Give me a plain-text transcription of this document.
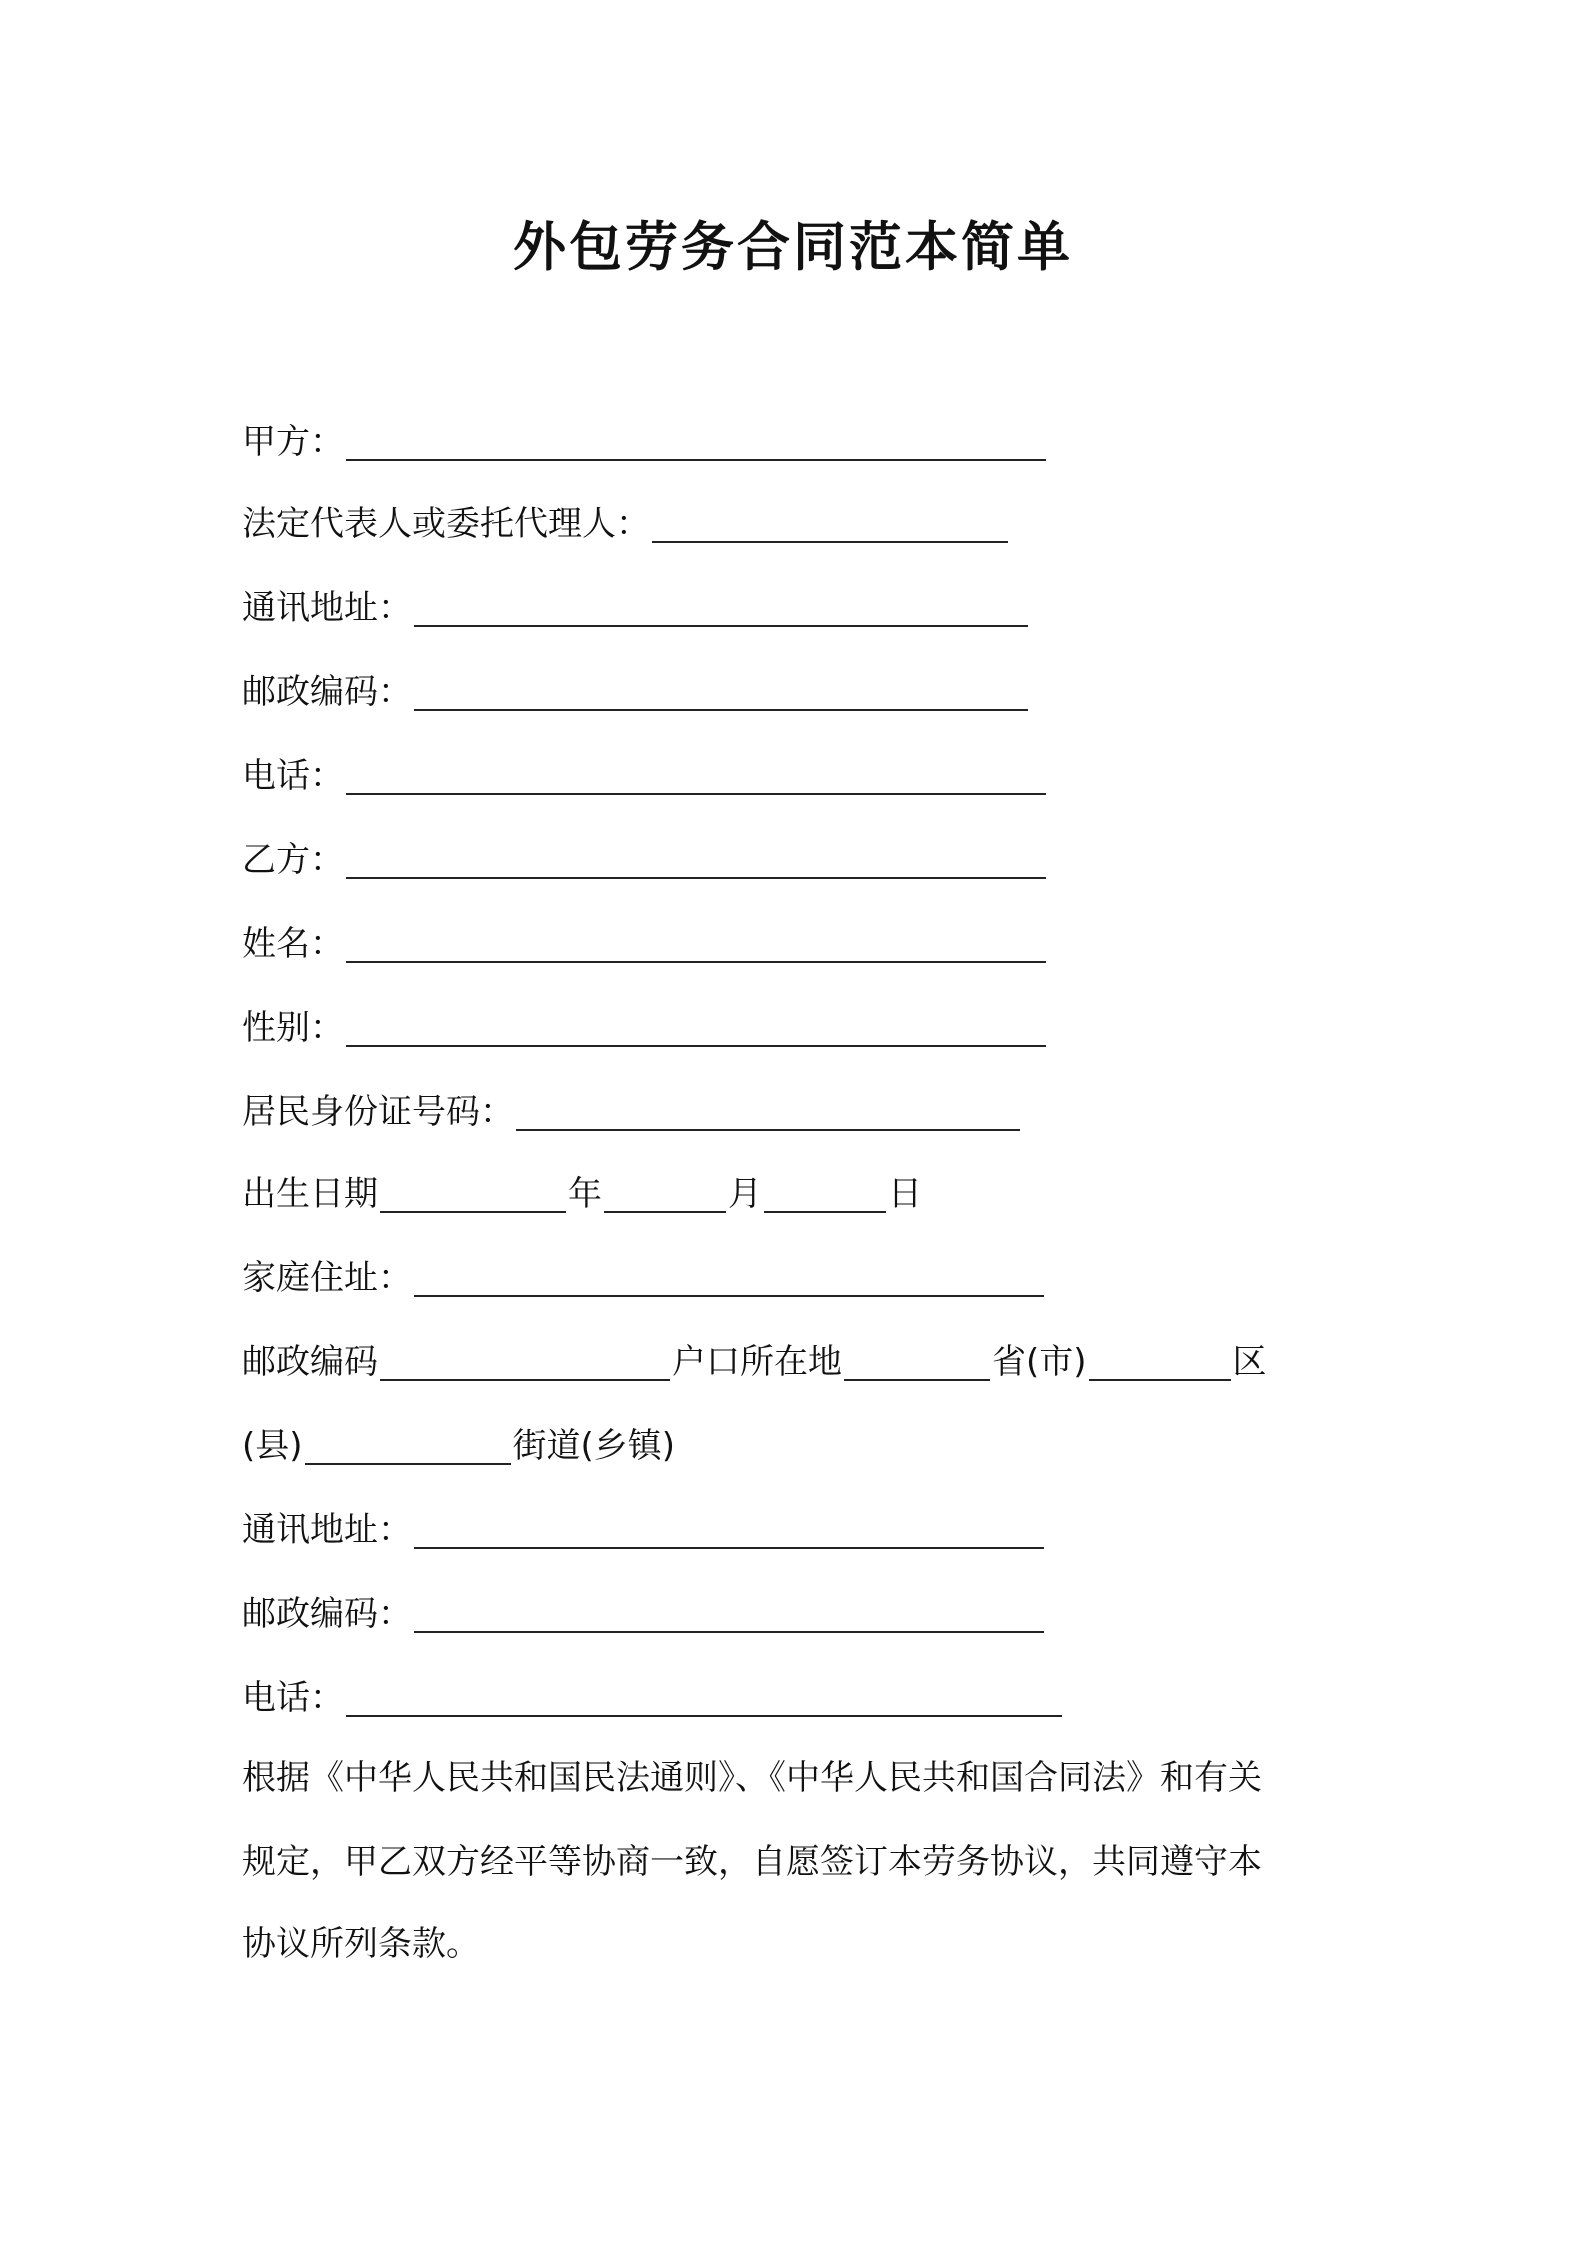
外包劳务合同范本简单
甲方：
法定代表人或委托代理人：
通讯地址：
邮政编码：
电话：
乙方：
姓名：
性别：
居民身份证号码：
出生日期	年	月	日
家庭住址：
邮政编码	户口所在地	省(市)	区
(县)	街道(乡镇)
通讯地址：
邮政编码：
电话：
根据《中华人民共和国民法通则》、《中华人民共和国合同法》和有关
规定，甲乙双方经平等协商一致，自愿签订本劳务协议，共同遵守本
协议所列条款。
